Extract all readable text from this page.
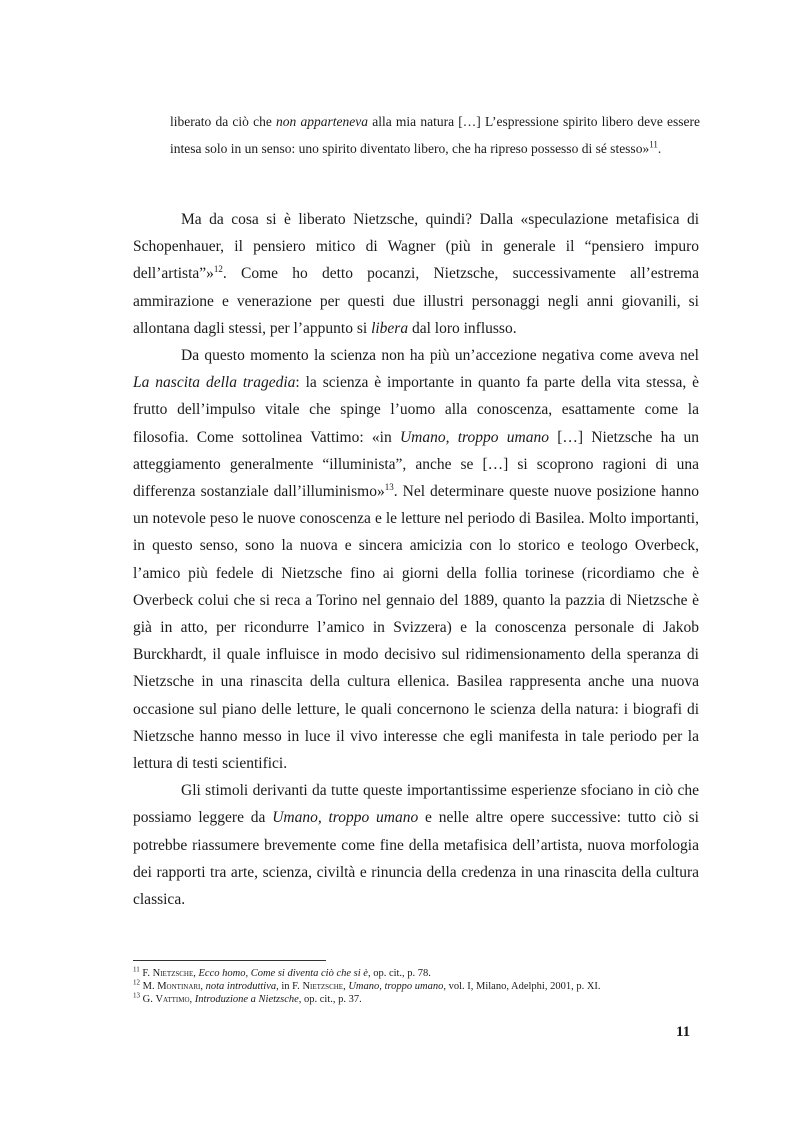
liberato da ciò che non apparteneva alla mia natura […] L’espressione spirito libero deve essere intesa solo in un senso: uno spirito diventato libero, che ha ripreso possesso di sé stesso»$^{11}$.

Ma da cosa si è liberato Nietzsche, quindi? Dalla «speculazione metafisica di Schopenhauer, il pensiero mitico di Wagner (più in generale il “pensiero impuro dell’artista”»$^{12}$. Come ho detto pocanzi, Nietzsche, successivamente all’estrema ammirazione e venerazione per questi due illustri personaggi negli anni giovanili, si allontana dagli stessi, per l’appunto si libera dal loro influsso.

Da questo momento la scienza non ha più un’accezione negativa come aveva nel La nascita della tragedia: la scienza è importante in quanto fa parte della vita stessa, è frutto dell’impulso vitale che spinge l’uomo alla conoscenza, esattamente come la filosofia. Come sottolinea Vattimo: «in Umano, troppo umano […] Nietzsche ha un atteggiamento generalmente “illuminista”, anche se […] si scoprono ragioni di una differenza sostanziale dall’illuminismo»$^{13}$. Nel determinare queste nuove posizione hanno un notevole peso le nuove conoscenza e le letture nel periodo di Basilea. Molto importanti, in questo senso, sono la nuova e sincera amicizia con lo storico e teologo Overbeck, l’amico più fedele di Nietzsche fino ai giorni della follia torinese (ricordiamo che è Overbeck colui che si reca a Torino nel gennaio del 1889, quanto la pazzia di Nietzsche è già in atto, per ricondurre l’amico in Svizzera) e la conoscenza personale di Jakob Burckhardt, il quale influisce in modo decisivo sul ridimensionamento della speranza di Nietzsche in una rinascita della cultura ellenica. Basilea rappresenta anche una nuova occasione sul piano delle letture, le quali concernono le scienza della natura: i biografi di Nietzsche hanno messo in luce il vivo interesse che egli manifesta in tale periodo per la lettura di testi scientifici.

Gli stimoli derivanti da tutte queste importantissime esperienze sfociano in ciò che possiamo leggere da Umano, troppo umano e nelle altre opere successive: tutto ciò si potrebbe riassumere brevemente come fine della metafisica dell’artista, nuova morfologia dei rapporti tra arte, scienza, civiltà e rinuncia della credenza in una rinascita della cultura classica.

$^{11}$ F. Nietzsche, Ecco homo, Come si diventa ciò che si è, op. cit., p. 78.
$^{12}$ M. Montinari, nota introduttiva, in F. Nietzsche, Umano, troppo umano, vol. I, Milano, Adelphi, 2001, p. XI.
$^{13}$ G. Vattimo, Introduzione a Nietzsche, op. cit., p. 37.
11
